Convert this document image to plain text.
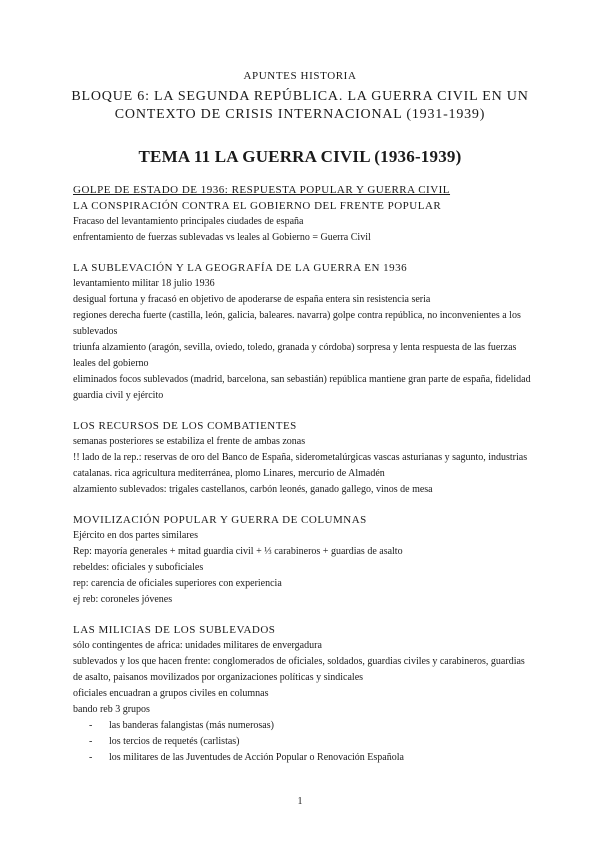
APUNTES HISTORIA

BLOQUE 6: LA SEGUNDA REPÚBLICA. LA GUERRA CIVIL EN UN
CONTEXTO DE CRISIS INTERNACIONAL (1931-1939)

TEMA 11 LA GUERRA CIVIL (1936-1939)

GOLPE DE ESTADO DE 1936: RESPUESTA POPULAR Y GUERRA CIVIL

LA CONSPIRACIÓN CONTRA EL GOBIERNO DEL FRENTE POPULAR

Fracaso del levantamiento principales ciudades de españa

enfrentamiento de fuerzas sublevadas vs leales al Gobierno = Guerra Civil

LA SUBLEVACIÓN Y LA GEOGRAFÍA DE LA GUERRA EN 1936

levantamiento militar 18 julio 1936

desigual fortuna y fracasó en objetivo de apoderarse de españa entera sin resistencia seria

regiones derecha fuerte (castilla, león, galicia, baleares. navarra) golpe contra república, no inconvenientes a los sublevados

triunfa alzamiento (aragón, sevilla, oviedo, toledo, granada y córdoba) sorpresa y lenta respuesta de las fuerzas leales del gobierno

eliminados focos sublevados (madrid, barcelona, san sebastián) república mantiene gran parte de españa, fidelidad guardia civil y ejército

LOS RECURSOS DE LOS COMBATIENTES

semanas posteriores se estabiliza el frente de ambas zonas

!! lado de la rep.: reservas de oro del Banco de España, siderometalúrgicas vascas asturianas y sagunto, industrias catalanas. rica agricultura mediterránea, plomo Linares, mercurio de Almadén

alzamiento sublevados: trigales castellanos, carbón leonés, ganado gallego, vinos de mesa

MOVILIZACIÓN POPULAR Y GUERRA DE COLUMNAS

Ejército en dos partes similares

Rep: mayoría generales + mitad guardia civil + ⅓ carabineros + guardias de asalto

rebeldes: oficiales y suboficiales

rep: carencia de oficiales superiores con experiencia

ej reb: coroneles jóvenes

LAS MILICIAS DE LOS SUBLEVADOS

sólo contingentes de africa: unidades militares de envergadura

sublevados y los que hacen frente: conglomerados de oficiales, soldados, guardias civiles y carabineros, guardias de asalto, paisanos movilizados por organizaciones políticas y sindicales

oficiales encuadran a grupos civiles en columnas

bando reb 3 grupos

- las banderas falangistas (más numerosas)
- los tercios de requetés (carlistas)
- los militares de las Juventudes de Acción Popular o Renovación Española
1
